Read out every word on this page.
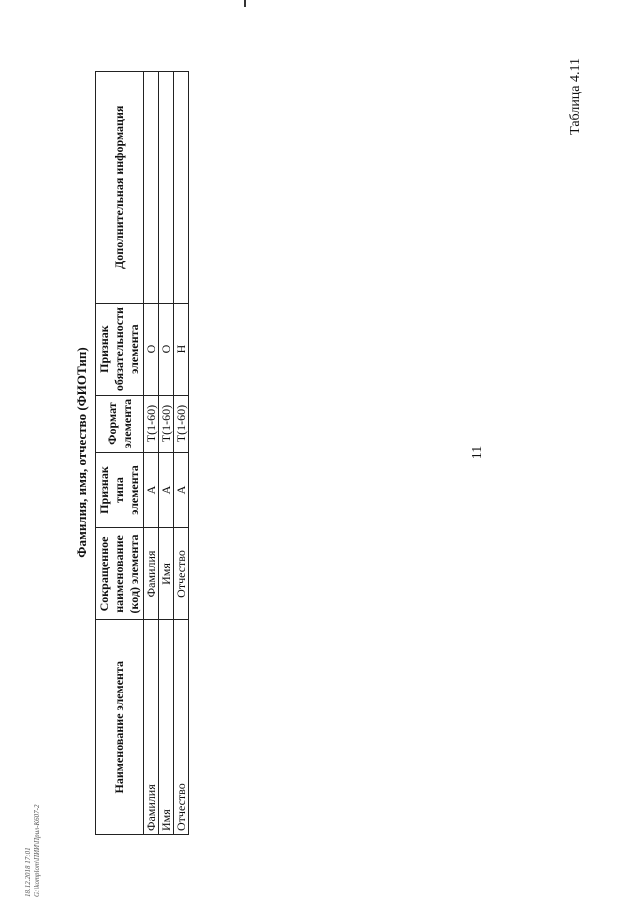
11
Таблица 4.11
Фамилия, имя, отчество (ФИОТип)
Наименование элемента	Сокращенное наименование (код) элемента	Признак типа элемента	Формат элемента	Признак обязательности элемента	Дополнительная информация
Фамилия	Фамилия	А	T(1-60)	О	
Имя	Имя	А	T(1-60)	О	
Отчество	Отчество	А	T(1-60)	Н	
18.12.2018 17:01 G:\komplom\ПИИ\Прил-К607-2
